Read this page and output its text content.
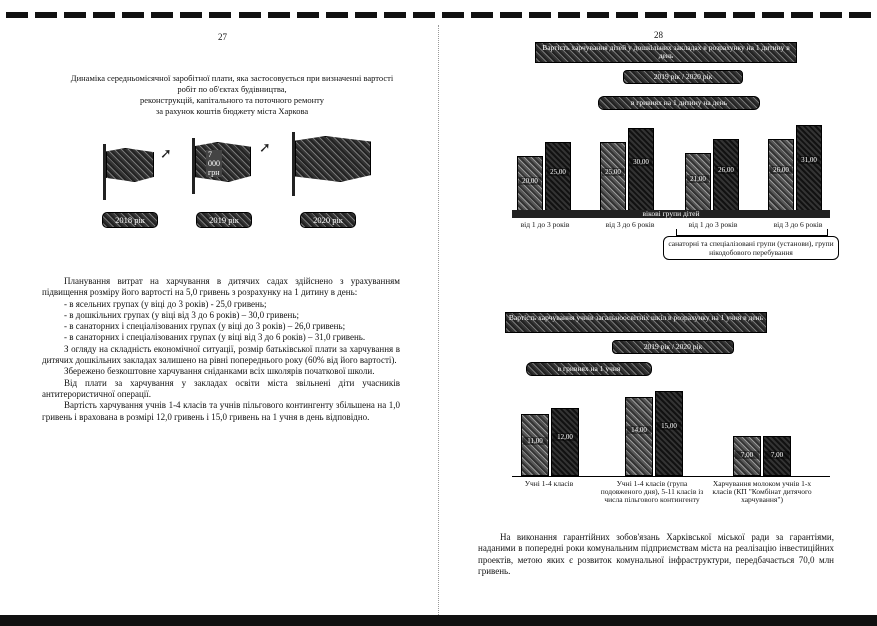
27
Динаміка середньомісячної заробітної плати, яка застосовується при визначенні вартості
робіт по об'єктах будівництва,
реконструкцій, капітального та поточного ремонту
за рахунок коштів бюджету міста Харкова
➚	7 000 грн
➚
2018 рік	2019 рік	2020 рік

Планування витрат на харчування в дитячих садах здійснено з урахуванням підвищення розміру його вартості на 5,0 гривень з розрахунку на 1 дитину в день:

- в ясельних групах (у віці до 3 років) - 25,0 гривень;

- в дошкільних групах (у віці від 3 до 6 років) – 30,0 гривень;

- в санаторних і спеціалізованих групах (у віці до 3 років) – 26,0 гривень;

- в санаторних і спеціалізованих групах (у віці від 3 до 6 років) – 31,0 гривень.

З огляду на складність економічної ситуації, розмір батьківської плати за харчування в дитячих дошкільних закладах залишено на рівні попереднього року (60% від його вартості).

Збережено безкоштовне харчування сніданками всіх школярів початкової школи.

Від плати за харчування у закладах освіти міста звільнені діти учасників антитерористичної операції.

Вартість харчування учнів 1-4 класів та учнів пільгового контингенту збільшена на 1,0 гривень і врахована в розмірі 12,0 гривень і 15,0 гривень на 1 учня в день відповідно.

28
Вартість харчування дітей у дошкільних закладах в розрахунку на 1 дитину в день
2019 рік / 2020 рік
в гривнях на 1 дитину на день
20,00
25,00	25,00
30,00
21,00
26,00	26,00
31,00
вікові групи дітей
від 1 до 3 років	від 3 до 6 років	від 1 до 3 років	від 3 до 6 років
санаторні та спеціалізовані групи (установи), групи нікодобового перебування
Вартість харчування учнів загальноосвітніх шкіл в розрахунку на 1 учня в день
2019 рік / 2020 рік
в гривнях на 1 учня
11,00	12,00
14,00	15,00
7,00	7,00
Учні 1-4 класів	Учні 1-4 класів (група подовженого дня), 5-11 класів із числа пільгового контингенту
Харчування молоком учнів 1-х класів (КП "Комбінат дитячого харчування")

На виконання гарантійних зобов'язань Харківської міської ради за гарантіями, наданими в попередні роки комунальним підприємствам міста на реалізацію інвестиційних проектів, метою яких є розвиток комунальної інфраструктури, передбачається 70,0 млн гривень.
